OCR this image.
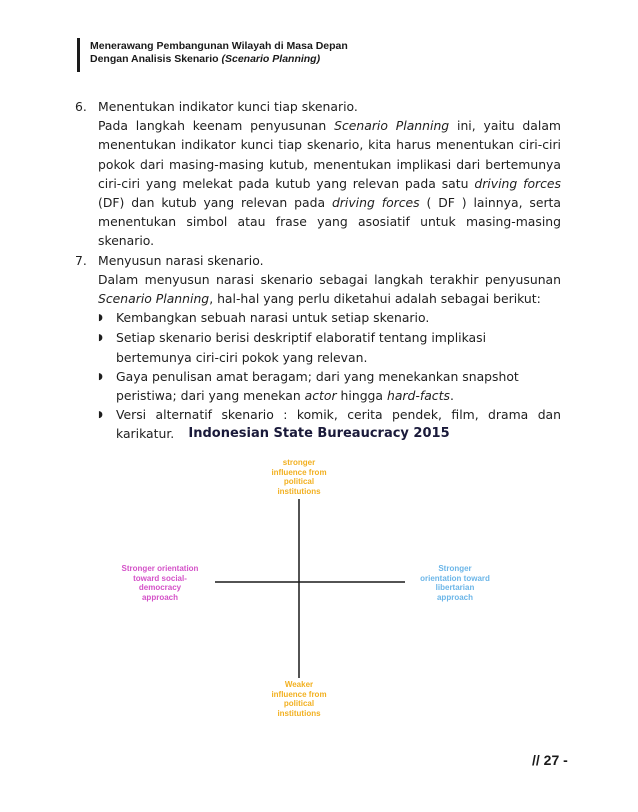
Menerawang Pembangunan Wilayah di Masa Depan
Dengan Analisis Skenario (Scenario Planning)
6. Menentukan indikator kunci tiap skenario.
Pada langkah keenam penyusunan Scenario Planning ini, yaitu dalam menentukan indikator kunci tiap skenario, kita harus menentukan ciri-ciri pokok dari masing-masing kutub, menentukan implikasi dari bertemunya ciri-ciri yang melekat pada kutub yang relevan pada satu driving forces (DF) dan kutub yang relevan pada driving forces ( DF ) lainnya, serta menentukan simbol atau frase yang asosiatif untuk masing-masing skenario.
7. Menyusun narasi skenario.
Dalam menyusun narasi skenario sebagai langkah terakhir penyusunan Scenario Planning, hal-hal yang perlu diketahui adalah sebagai berikut:
◗	Kembangkan sebuah narasi untuk setiap skenario.
◗	Setiap skenario berisi deskriptif elaboratif tentang implikasi bertemunya ciri-ciri pokok yang relevan.
◗	Gaya penulisan amat beragam; dari yang menekankan snapshot peristiwa; dari yang menekan actor hingga hard-facts.
◗	Versi alternatif skenario : komik, cerita pendek, film, drama dan karikatur.	Indonesian State Bureaucracy 2015
stronger
influence from
political
institutions
Weaker
influence from
political
institutions
Stronger orientation
toward social-
democracy
approach
Stronger
orientation toward
libertarian
approach
// 27 -
